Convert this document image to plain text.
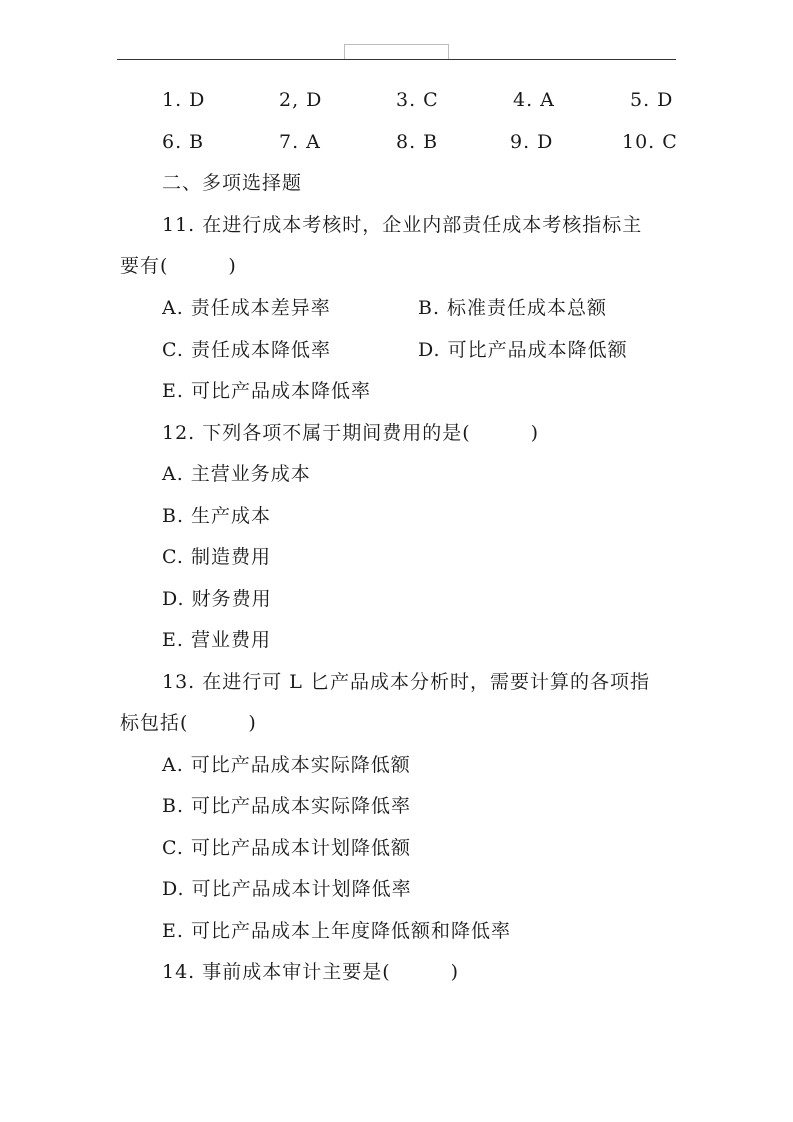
1. D	2, D	3. C	4. A	5. D
6. B	7. A	8. B	9. D	10. C
二、多项选择题
11. 在进行成本考核时，企业内部责任成本考核指标主
要有(　　　)
A. 责任成本差异率	B. 标准责任成本总额
C. 责任成本降低率	D. 可比产品成本降低额
E. 可比产品成本降低率
12. 下列各项不属于期间费用的是(　　　)
A. 主营业务成本
B. 生产成本
C. 制造费用
D. 财务费用
E. 营业费用
13. 在进行可 L 匕产品成本分析时，需要计算的各项指
标包括(　　　)
A. 可比产品成本实际降低额
B. 可比产品成本实际降低率
C. 可比产品成本计划降低额
D. 可比产品成本计划降低率
E. 可比产品成本上年度降低额和降低率
14. 事前成本审计主要是(　　　)
